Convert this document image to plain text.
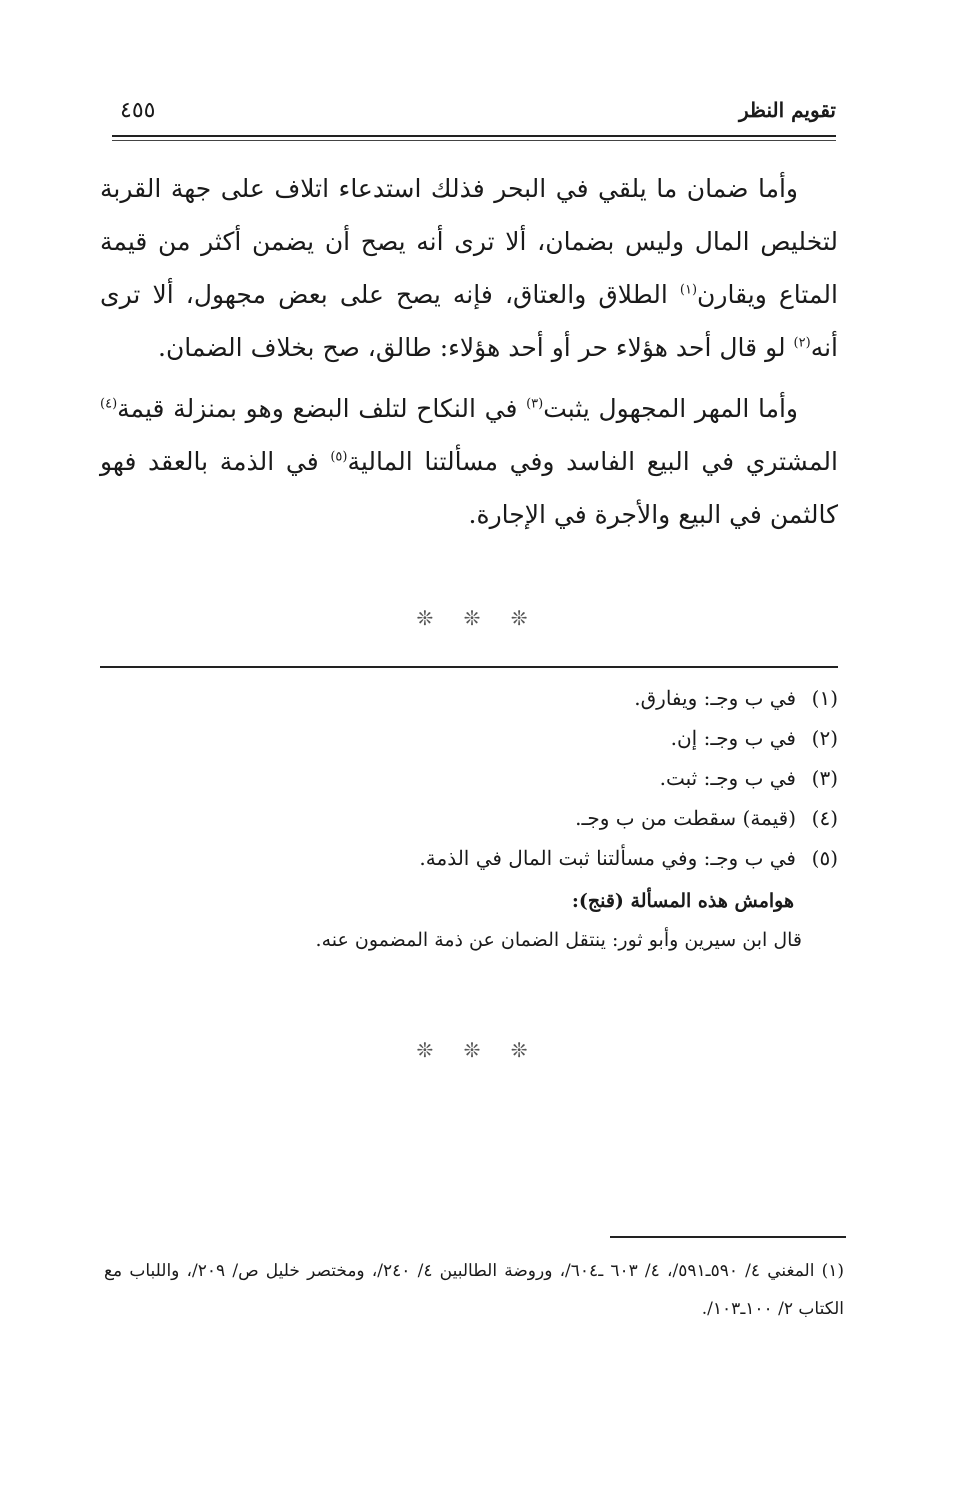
تقويم النظر
٤٥٥

وأما ضمان ما يلقي في البحر فذلك استدعاء اتلاف على جهة القربة لتخليص المال وليس بضمان، ألا ترى أنه يصح أن يضمن أكثر من قيمة المتاع ويقارن$^{(١)}$ الطلاق والعتاق، فإنه يصح على بعض مجهول، ألا ترى أنه$^{(٢)}$ لو قال أحد هؤلاء حر أو أحد هؤلاء: طالق، صح بخلاف الضمان.

وأما المهر المجهول يثبت$^{(٣)}$ في النكاح لتلف البضع وهو بمنزلة قيمة$^{(٤)}$ المشتري في البيع الفاسد وفي مسألتنا المالية$^{(٥)}$ في الذمة بالعقد فهو كالثمن في البيع والأجرة في الإجارة.

❊ ❊ ❊
(١)في ب وجـ: ويفارق.
(٢)في ب وجـ: إن.
(٣)في ب وجـ: ثبت.
(٤)(قيمة) سقطت من ب وجـ.
(٥)في ب وجـ: وفي مسألتنا ثبت المال في الذمة.
هوامش هذه المسألة (قنج):
قال ابن سيرين وأبو ثور: ينتقل الضمان عن ذمة المضمون عنه.
❊ ❊ ❊
(١) المغني ٤/ ٥٩٠ـ٥٩١/، ٤/ ٦٠٣ ـ٦٠٤/، وروضة الطالبين ٤/ ٢٤٠/، ومختصر خليل ص/ ٢٠٩/، واللباب مع الكتاب ٢/ ١٠٠ـ١٠٣/.
